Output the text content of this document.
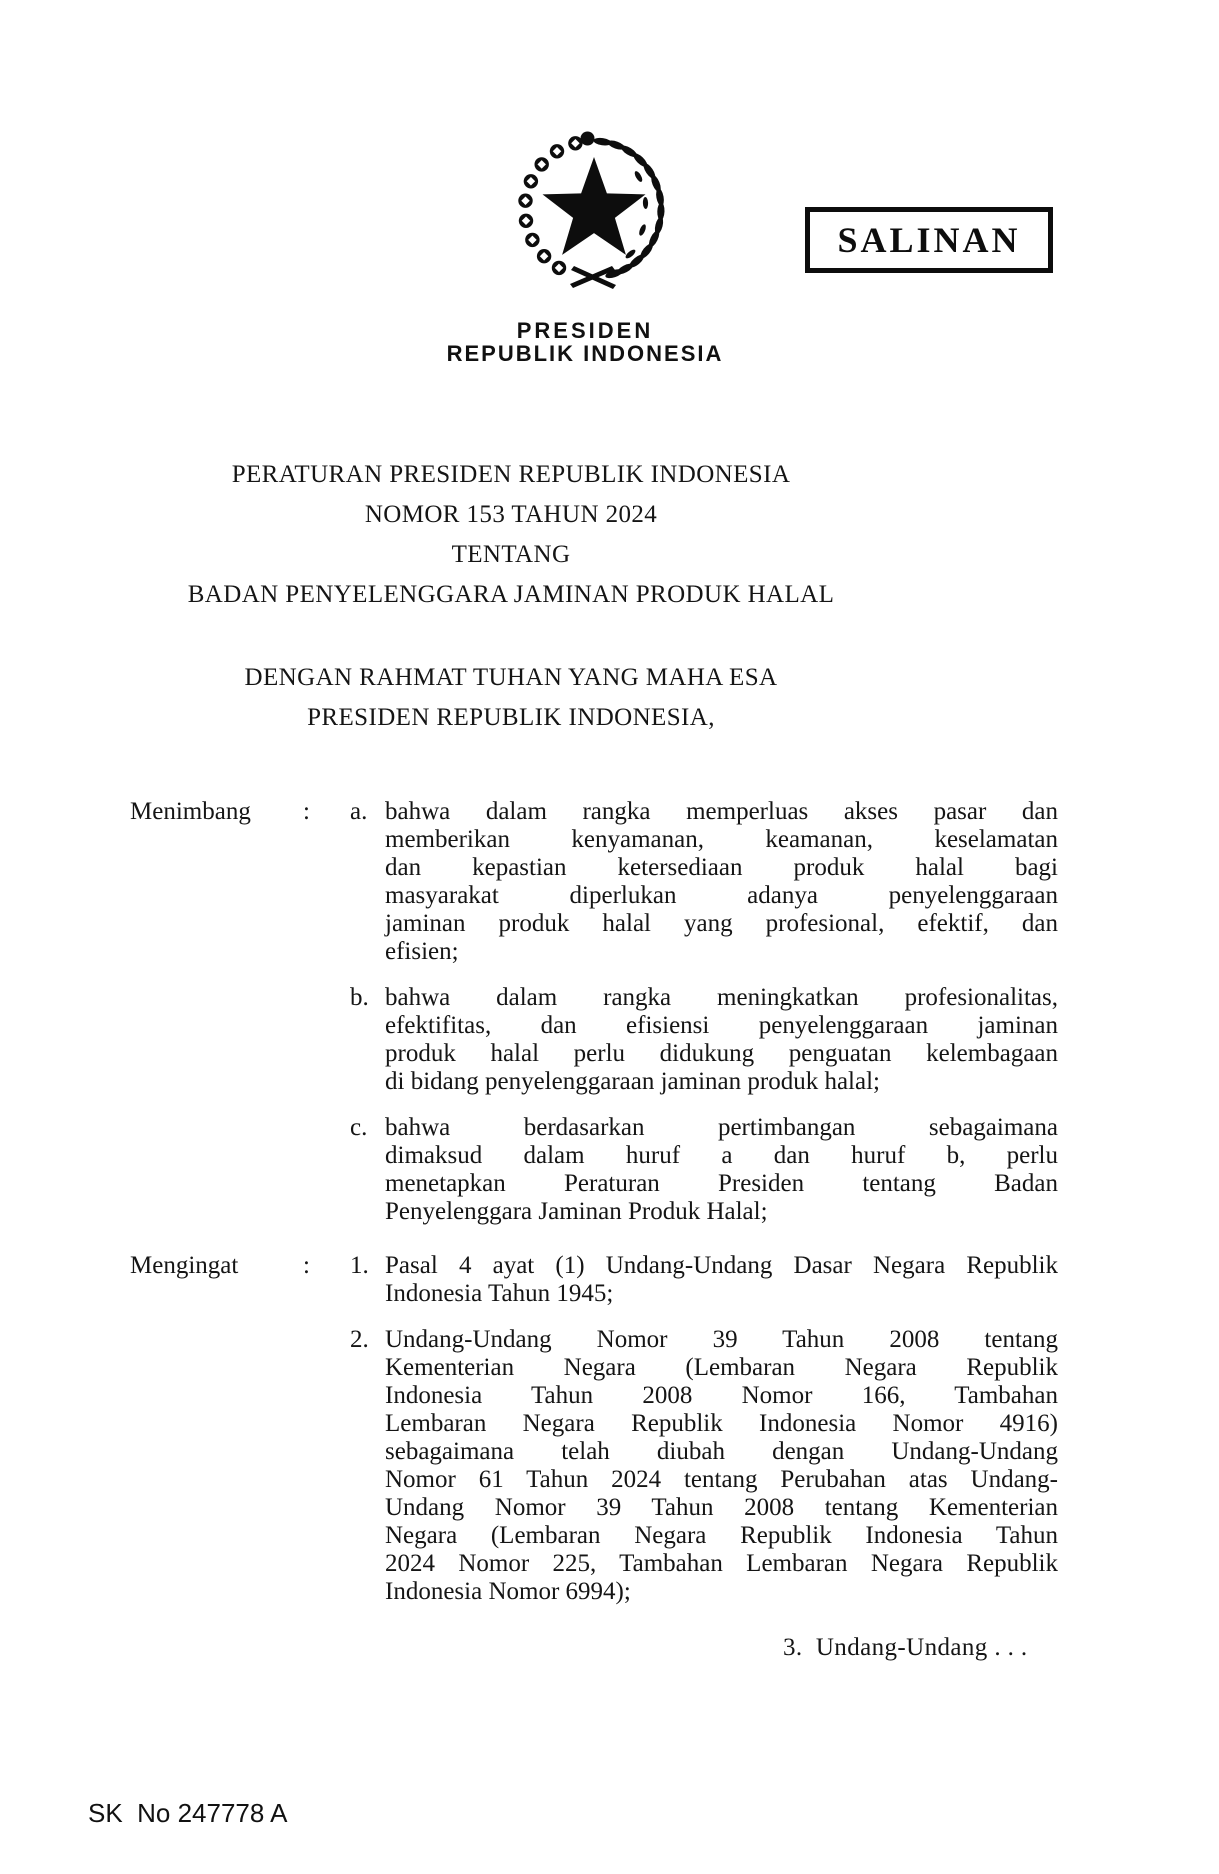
PRESIDEN
REPUBLIK INDONESIA
SALINAN
PERATURAN PRESIDEN REPUBLIK INDONESIA
NOMOR 153 TAHUN 2024
TENTANG
BADAN PENYELENGGARA JAMINAN PRODUK HALAL
DENGAN RAHMAT TUHAN YANG MAHA ESA
PRESIDEN REPUBLIK INDONESIA,
Menimbang : a. bahwa dalam rangka memperluas akses pasar dan
memberikan kenyamanan, keamanan, keselamatan
dan kepastian ketersediaan produk halal bagi
masyarakat diperlukan adanya penyelenggaraan
jaminan produk halal yang profesional, efektif, dan
efisien;
b. bahwa dalam rangka meningkatkan profesionalitas,
efektifitas, dan efisiensi penyelenggaraan jaminan
produk halal perlu didukung penguatan kelembagaan
di bidang penyelenggaraan jaminan produk halal;
c. bahwa berdasarkan pertimbangan sebagaimana
dimaksud dalam huruf a dan huruf b, perlu
menetapkan Peraturan Presiden tentang Badan
Penyelenggara Jaminan Produk Halal;
Mengingat	: 1. Pasal 4 ayat (1) Undang-Undang Dasar Negara Republik
Indonesia Tahun 1945;
2. Undang-Undang Nomor 39 Tahun 2008 tentang
Kementerian Negara (Lembaran Negara Republik
Indonesia Tahun 2008 Nomor 166, Tambahan
Lembaran Negara Republik Indonesia Nomor 4916)
sebagaimana telah diubah dengan Undang-Undang
Nomor 61 Tahun 2024 tentang Perubahan atas Undang-
Undang Nomor 39 Tahun 2008 tentang Kementerian
Negara (Lembaran Negara Republik Indonesia Tahun
2024 Nomor 225, Tambahan Lembaran Negara Republik
Indonesia Nomor 6994);
3.  Undang-Undang . . .
SK  No 247778 A
